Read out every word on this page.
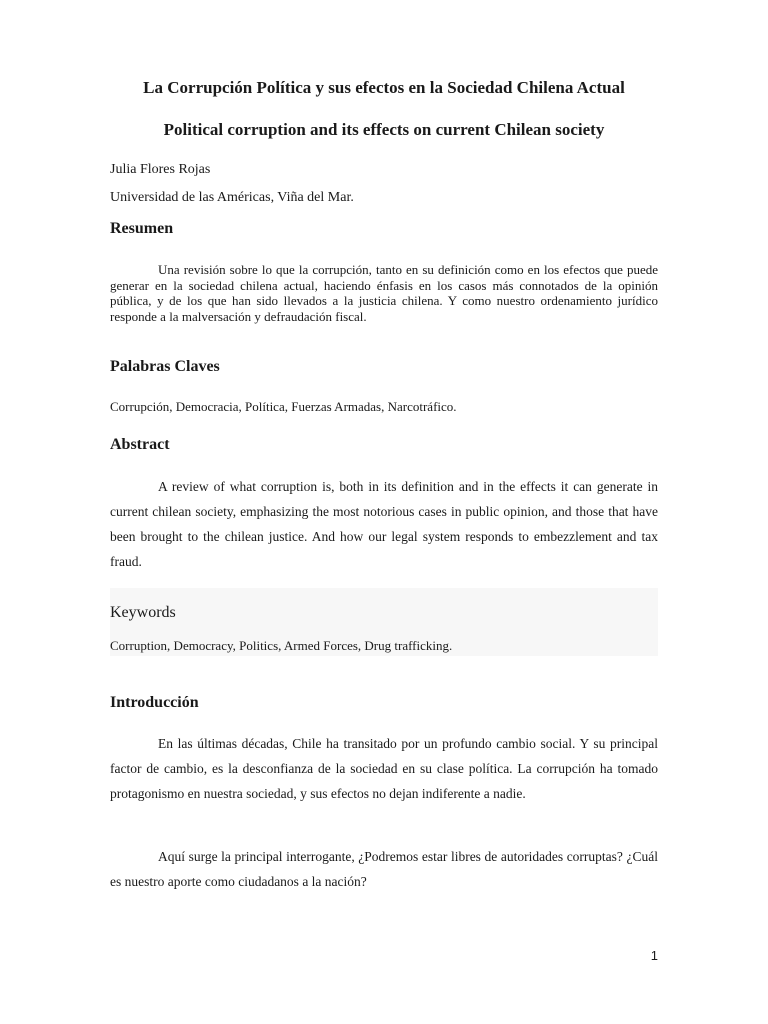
La Corrupción Política y sus efectos en la Sociedad Chilena Actual
Political corruption and its effects on current Chilean society

Julia Flores Rojas

Universidad de las Américas, Viña del Mar.

Resumen

Una revisión sobre lo que la corrupción, tanto en su definición como en los efectos que puede generar en la sociedad chilena actual, haciendo énfasis en los casos más connotados de la opinión pública, y de los que han sido llevados a la justicia chilena. Y como nuestro ordenamiento jurídico responde a la malversación y defraudación fiscal.

Palabras Claves

Corrupción, Democracia, Política, Fuerzas Armadas, Narcotráfico.

Abstract

A review of what corruption is, both in its definition and in the effects it can generate in current chilean society, emphasizing the most notorious cases in public opinion, and those that have been brought to the chilean justice. And how our legal system responds to embezzlement and tax fraud.

Keywords

Corruption, Democracy, Politics, Armed Forces, Drug trafficking.

Introducción

En las últimas décadas, Chile ha transitado por un profundo cambio social. Y su principal factor de cambio, es la desconfianza de la sociedad en su clase política. La corrupción ha tomado protagonismo en nuestra sociedad, y sus efectos no dejan indiferente a nadie.

Aquí surge la principal interrogante, ¿Podremos estar libres de autoridades corruptas? ¿Cuál es nuestro aporte como ciudadanos a la nación?

1
